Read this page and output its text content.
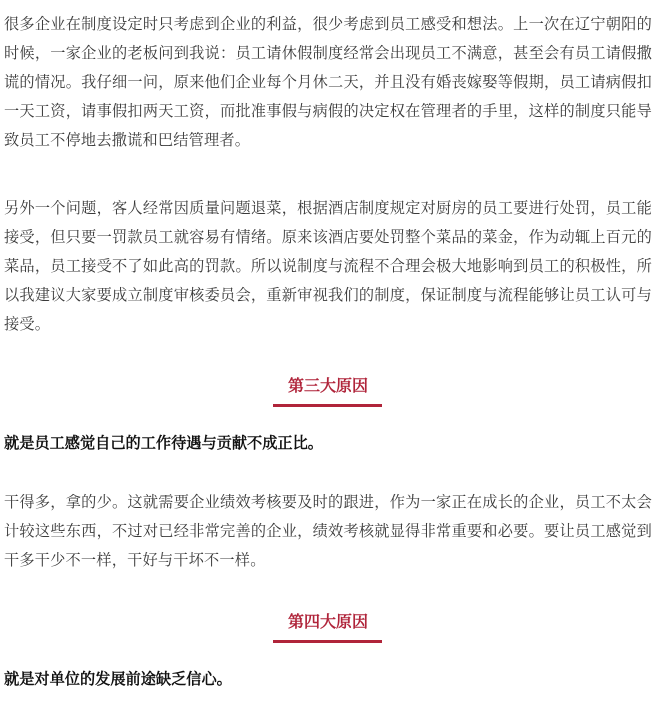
很多企业在制度设定时只考虑到企业的利益，很少考虑到员工感受和想法。上一次在辽宁朝阳的时候，一家企业的老板问到我说：员工请休假制度经常会出现员工不满意，甚至会有员工请假撒谎的情况。我仔细一问，原来他们企业每个月休二天，并且没有婚丧嫁娶等假期，员工请病假扣一天工资，请事假扣两天工资，而批准事假与病假的决定权在管理者的手里，这样的制度只能导致员工不停地去撒谎和巴结管理者。

另外一个问题，客人经常因质量问题退菜，根据酒店制度规定对厨房的员工要进行处罚，员工能接受，但只要一罚款员工就容易有情绪。原来该酒店要处罚整个菜品的菜金，作为动辄上百元的菜品，员工接受不了如此高的罚款。所以说制度与流程不合理会极大地影响到员工的积极性，所以我建议大家要成立制度审核委员会，重新审视我们的制度，保证制度与流程能够让员工认可与接受。

第三大原因
就是员工感觉自己的工作待遇与贡献不成正比。

干得多，拿的少。这就需要企业绩效考核要及时的跟进，作为一家正在成长的企业，员工不太会计较这些东西，不过对已经非常完善的企业，绩效考核就显得非常重要和必要。要让员工感觉到干多干少不一样，干好与干坏不一样。

第四大原因
就是对单位的发展前途缺乏信心。
